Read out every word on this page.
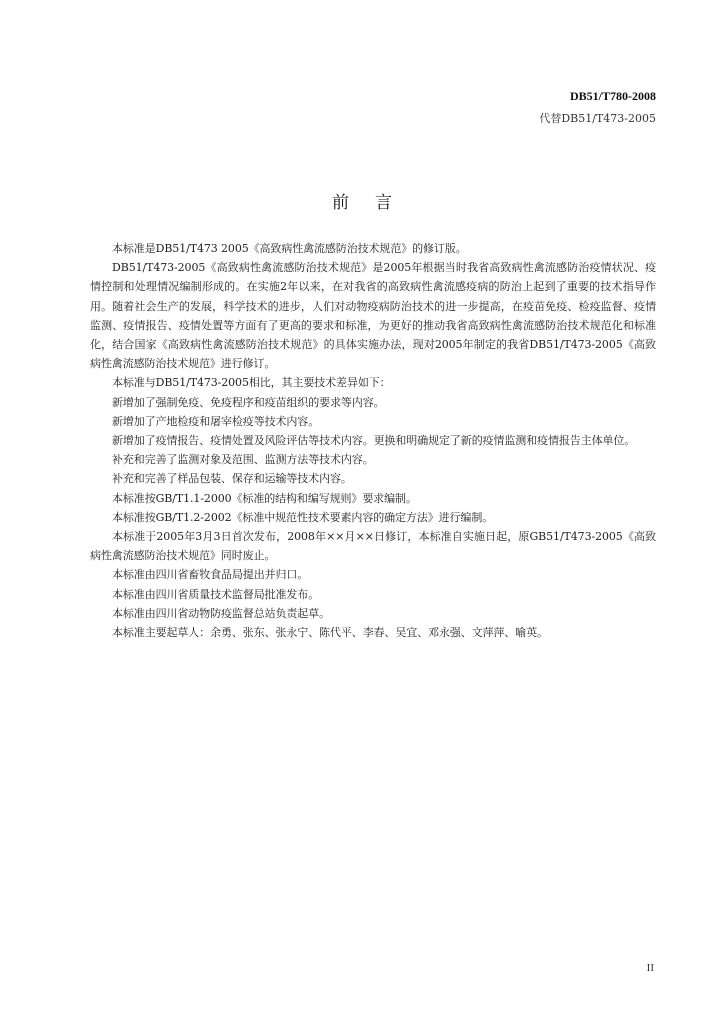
DB51/T780-2008
代替DB51/T473-2005
前言

本标准是DB51/T473 2005《高致病性禽流感防治技术规范》的修订版。

DB51/T473-2005《高致病性禽流感防治技术规范》是2005年根据当时我省高致病性禽流感防治疫情状况、疫情控制和处理情况编制形成的。在实施2年以来，在对我省的高致病性禽流感疫病的防治上起到了重要的技术指导作用。随着社会生产的发展，科学技术的进步，人们对动物疫病防治技术的进一步提高，在疫苗免疫、检疫监督、疫情监测、疫情报告、疫情处置等方面有了更高的要求和标准，为更好的推动我省高致病性禽流感防治技术规范化和标准化，结合国家《高致病性禽流感防治技术规范》的具体实施办法，现对2005年制定的我省DB51/T473-2005《高致病性禽流感防治技术规范》进行修订。

本标准与DB51/T473-2005相比，其主要技术差异如下：

新增加了强制免疫、免疫程序和疫苗组织的要求等内容。

新增加了产地检疫和屠宰检疫等技术内容。

新增加了疫情报告、疫情处置及风险评估等技术内容。更换和明确规定了新的疫情监测和疫情报告主体单位。

补充和完善了监测对象及范围、监测方法等技术内容。

补充和完善了样品包装、保存和运输等技术内容。

本标准按GB/T1.1-2000《标准的结构和编写规则》要求编制。

本标准按GB/T1.2-2002《标准中规范性技术要素内容的确定方法》进行编制。

本标准于2005年3月3日首次发布，2008年××月××日修订，本标准自实施日起，原GB51/T473-2005《高致病性禽流感防治技术规范》同时废止。

本标准由四川省畜牧食品局提出并归口。

本标准由四川省质量技术监督局批准发布。

本标准由四川省动物防疫监督总站负责起草。

本标准主要起草人：余勇、张东、张永宁、陈代平、李春、吴宜、邓永强、文萍萍、喻英。

II
